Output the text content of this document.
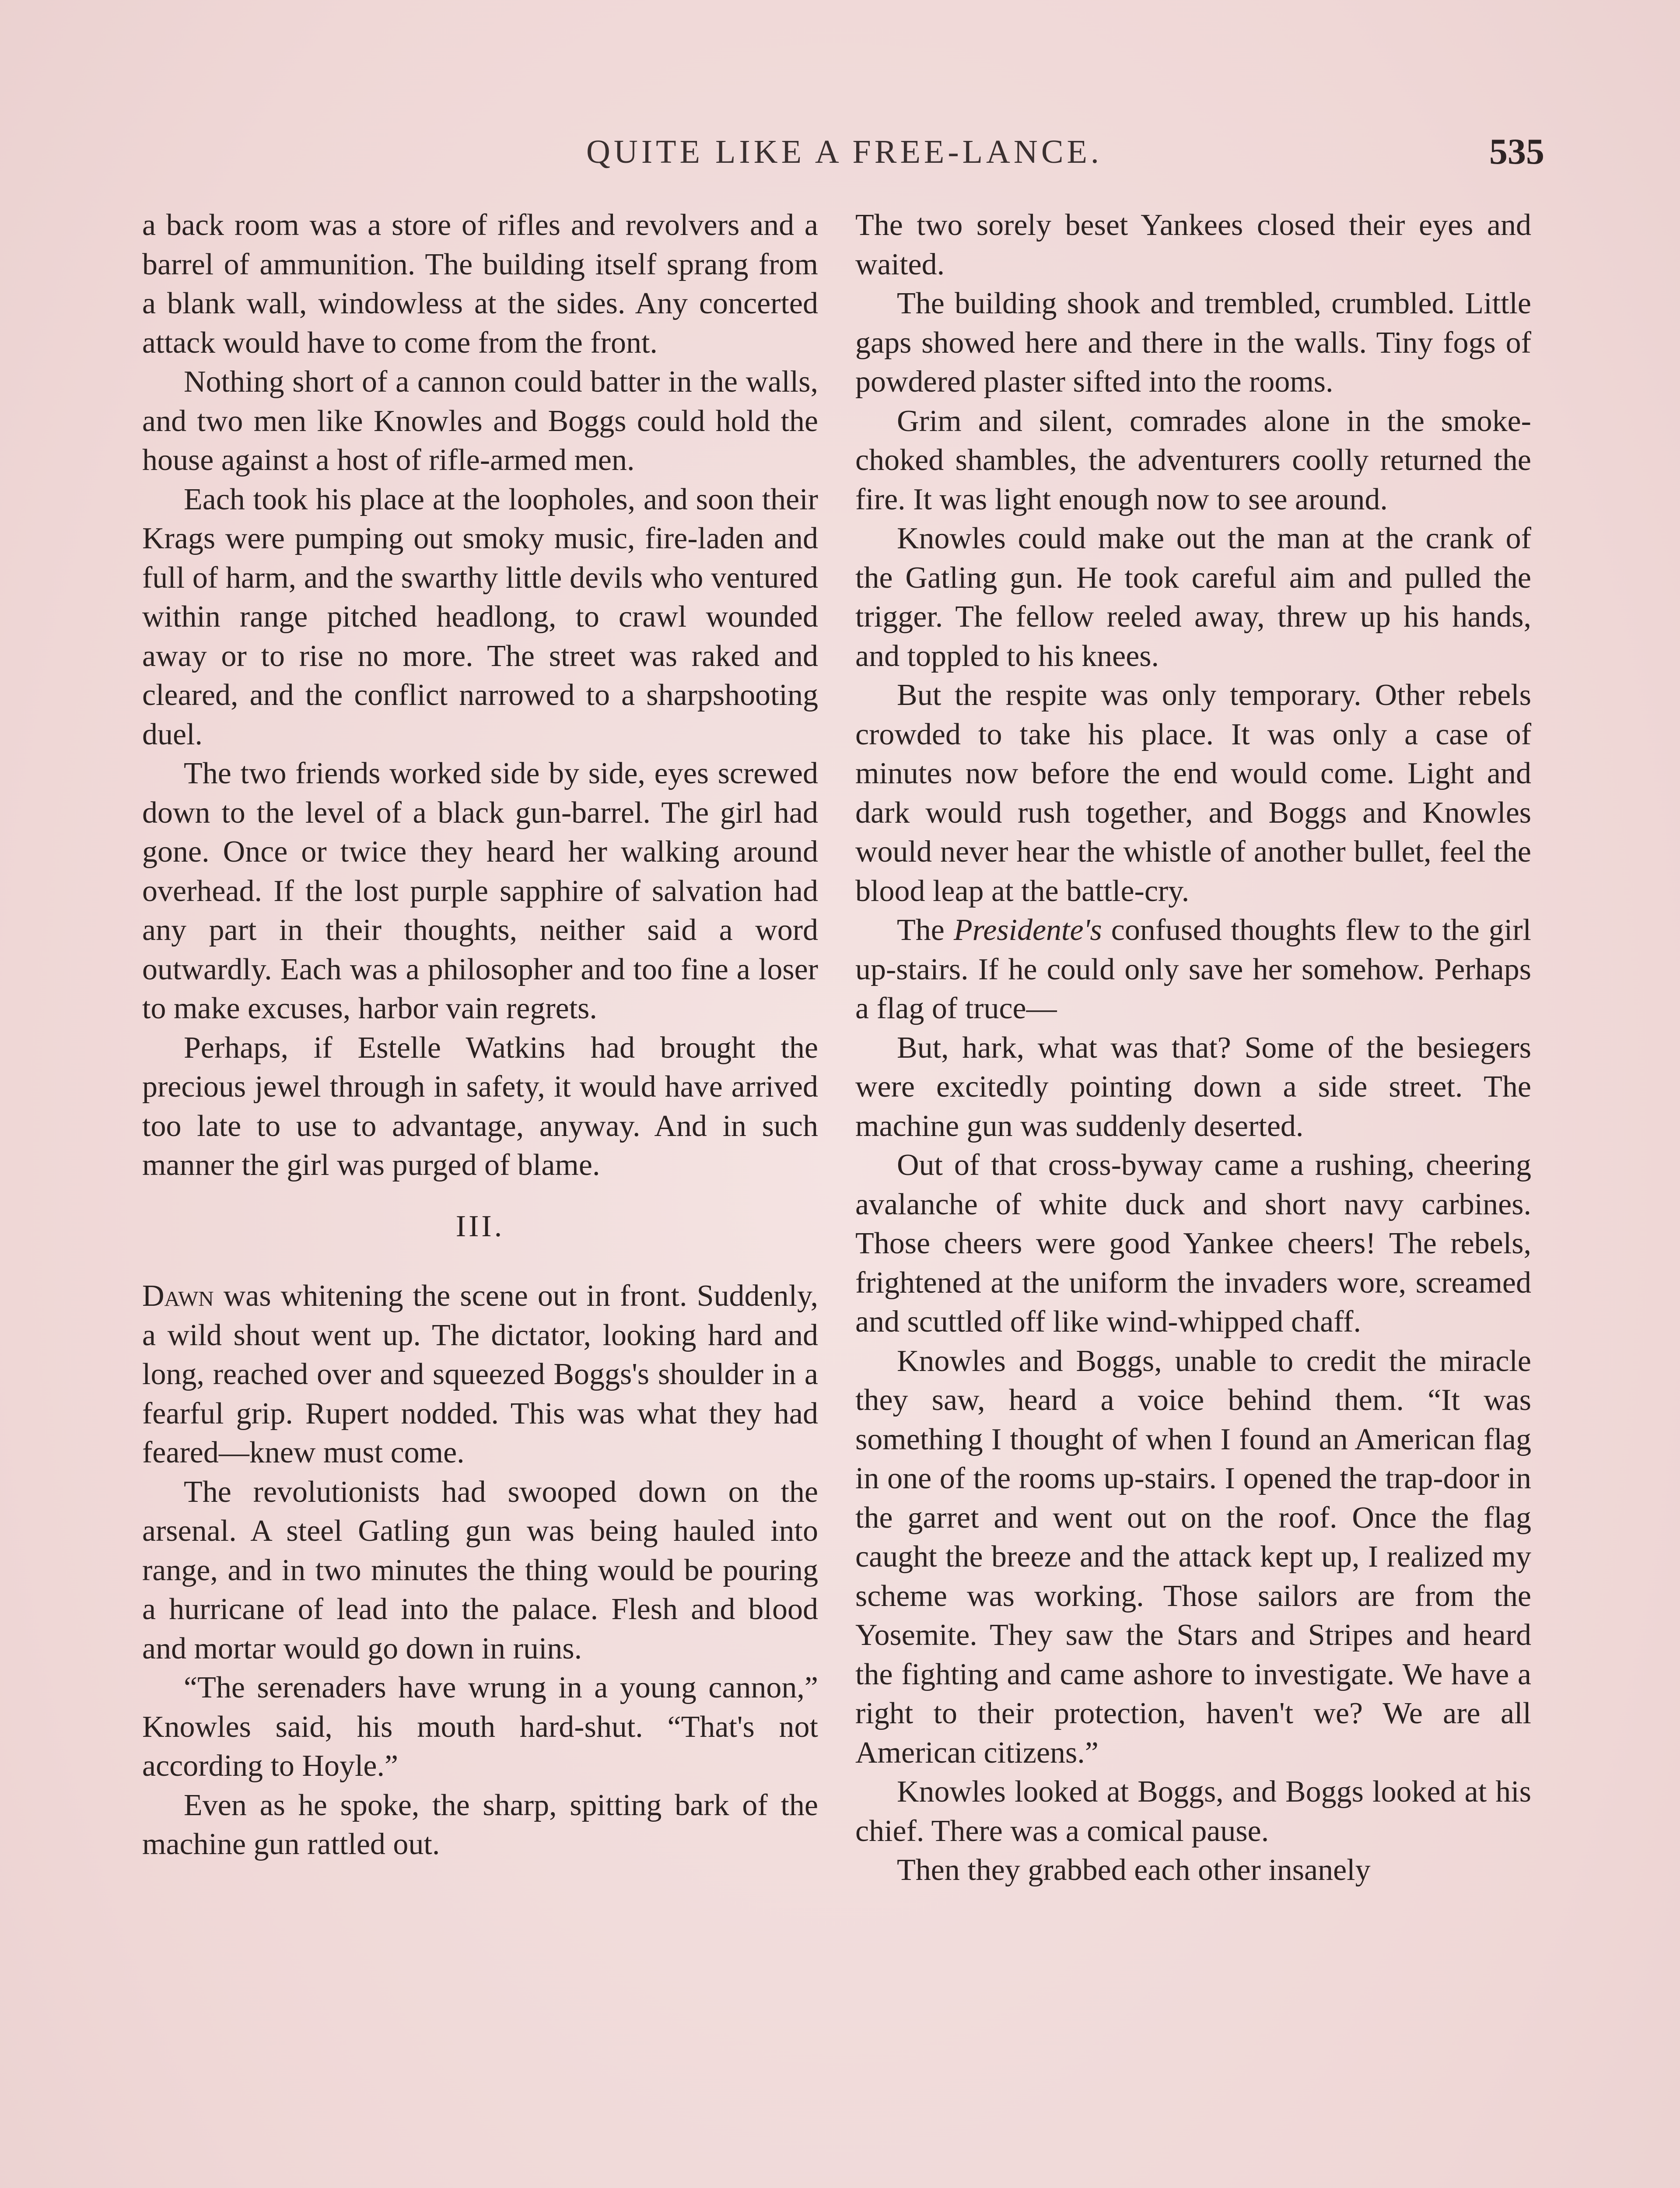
QUITE LIKE A FREE-LANCE.	535

a back room was a store of rifles and revolvers and a barrel of ammunition. The building itself sprang from a blank wall, windowless at the sides. Any concerted attack would have to come from the front.

Nothing short of a cannon could batter in the walls, and two men like Knowles and Boggs could hold the house against a host of rifle-armed men.

Each took his place at the loopholes, and soon their Krags were pumping out smoky music, fire-laden and full of harm, and the swarthy little devils who ventured within range pitched headlong, to crawl wounded away or to rise no more. The street was raked and cleared, and the conflict narrowed to a sharpshooting duel.

The two friends worked side by side, eyes screwed down to the level of a black gun-barrel. The girl had gone. Once or twice they heard her walking around overhead. If the lost purple sapphire of salvation had any part in their thoughts, neither said a word outwardly. Each was a philosopher and too fine a loser to make excuses, harbor vain regrets.

Perhaps, if Estelle Watkins had brought the precious jewel through in safety, it would have arrived too late to use to advantage, anyway. And in such manner the girl was purged of blame.

III.

Dawn was whitening the scene out in front. Suddenly, a wild shout went up. The dictator, looking hard and long, reached over and squeezed Boggs's shoulder in a fearful grip. Rupert nodded. This was what they had feared—knew must come.

The revolutionists had swooped down on the arsenal. A steel Gatling gun was being hauled into range, and in two minutes the thing would be pouring a hurricane of lead into the palace. Flesh and blood and mortar would go down in ruins.

“The serenaders have wrung in a young cannon,” Knowles said, his mouth hard-shut. “That's not according to Hoyle.”

Even as he spoke, the sharp, spitting bark of the machine gun rattled out.

The two sorely beset Yankees closed their eyes and waited.

The building shook and trembled, crumbled. Little gaps showed here and there in the walls. Tiny fogs of powdered plaster sifted into the rooms.

Grim and silent, comrades alone in the smoke-choked shambles, the adventurers coolly returned the fire. It was light enough now to see around.

Knowles could make out the man at the crank of the Gatling gun. He took careful aim and pulled the trigger. The fellow reeled away, threw up his hands, and toppled to his knees.

But the respite was only temporary. Other rebels crowded to take his place. It was only a case of minutes now before the end would come. Light and dark would rush together, and Boggs and Knowles would never hear the whistle of another bullet, feel the blood leap at the battle-cry.

The Presidente's confused thoughts flew to the girl up-stairs. If he could only save her somehow. Perhaps a flag of truce—

But, hark, what was that? Some of the besiegers were excitedly pointing down a side street. The machine gun was suddenly deserted.

Out of that cross-byway came a rushing, cheering avalanche of white duck and short navy carbines. Those cheers were good Yankee cheers! The rebels, frightened at the uniform the invaders wore, screamed and scuttled off like wind-whipped chaff.

Knowles and Boggs, unable to credit the miracle they saw, heard a voice behind them. “It was something I thought of when I found an American flag in one of the rooms up-stairs. I opened the trap-door in the garret and went out on the roof. Once the flag caught the breeze and the attack kept up, I realized my scheme was working. Those sailors are from the Yosemite. They saw the Stars and Stripes and heard the fighting and came ashore to investigate. We have a right to their protection, haven't we? We are all American citizens.”

Knowles looked at Boggs, and Boggs looked at his chief. There was a comical pause.

Then they grabbed each other insanely
